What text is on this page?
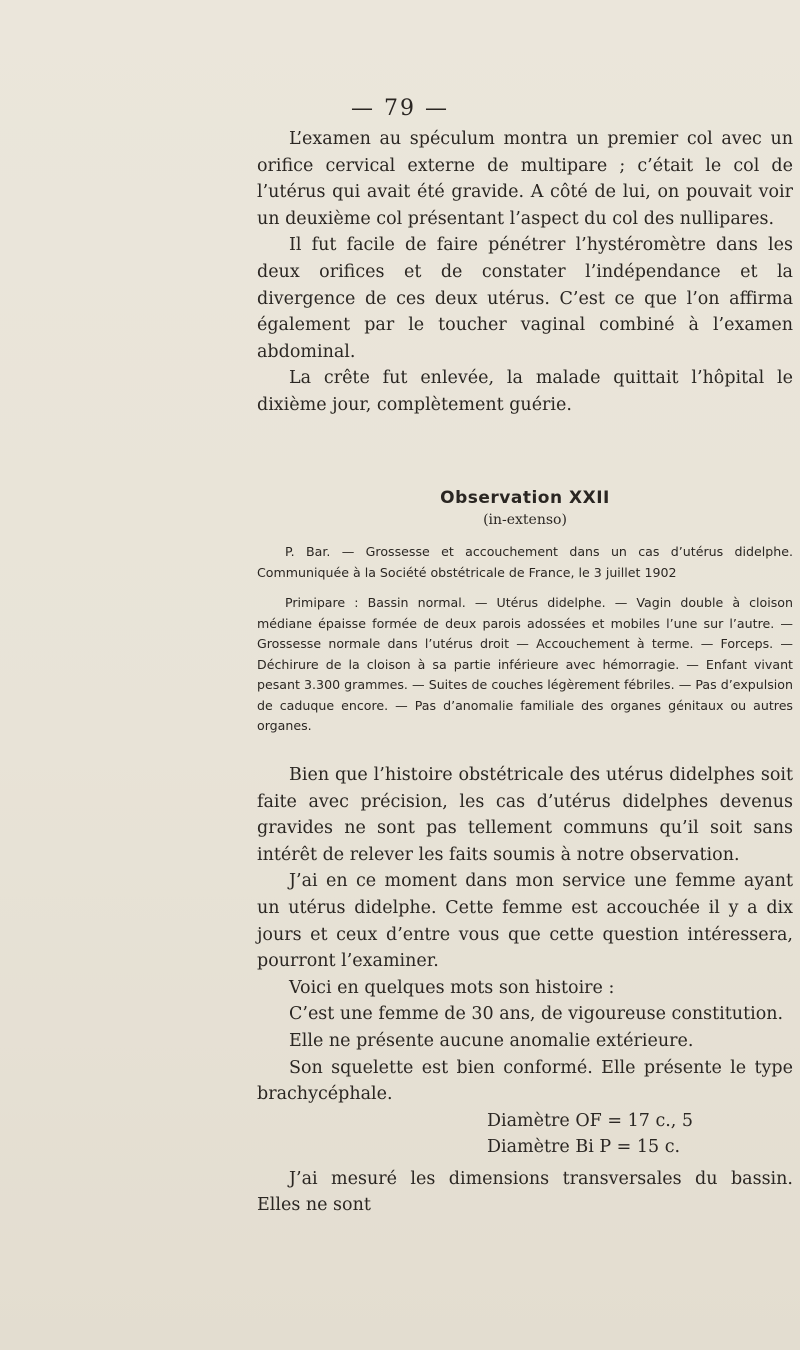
— 79 —

L’examen au spéculum montra un premier col avec un orifice cervical externe de multipare ; c’était le col de l’utérus qui avait été gravide. A côté de lui, on pouvait voir un deuxième col présentant l’aspect du col des nullipares.

Il fut facile de faire pénétrer l’hystéromètre dans les deux orifices et de constater l’indépendance et la divergence de ces deux utérus. C’est ce que l’on affirma également par le toucher vaginal combiné à l’examen abdominal.

La crête fut enlevée, la malade quittait l’hôpital le dixième jour, complètement guérie.

Observation XXII
(in-extenso)

P. Bar. — Grossesse et accouchement dans un cas d’utérus didelphe. Communiquée à la Société obstétricale de France, le 3 juillet 1902

Primipare : Bassin normal. — Utérus didelphe. — Vagin double à cloison médiane épaisse formée de deux parois adossées et mobiles l’une sur l’autre. — Grossesse normale dans l’utérus droit — Accouchement à terme. — Forceps. — Déchirure de la cloison à sa partie inférieure avec hémorragie. — Enfant vivant pesant 3.300 grammes. — Suites de couches légèrement fébriles. — Pas d’expulsion de caduque encore. — Pas d’anomalie familiale des organes génitaux ou autres organes.

Bien que l’histoire obstétricale des utérus didelphes soit faite avec précision, les cas d’utérus didelphes devenus gravides ne sont pas tellement communs qu’il soit sans intérêt de relever les faits soumis à notre observation.

J’ai en ce moment dans mon service une femme ayant un utérus didelphe. Cette femme est accouchée il y a dix jours et ceux d’entre vous que cette question intéressera, pourront l’examiner.

Voici en quelques mots son histoire :

C’est une femme de 30 ans, de vigoureuse constitution.

Elle ne présente aucune anomalie extérieure.

Son squelette est bien conformé. Elle présente le type brachycéphale.

Diamètre OF = 17 c., 5
Diamètre Bi P = 15 c.

J’ai mesuré les dimensions transversales du bassin. Elles ne sont
